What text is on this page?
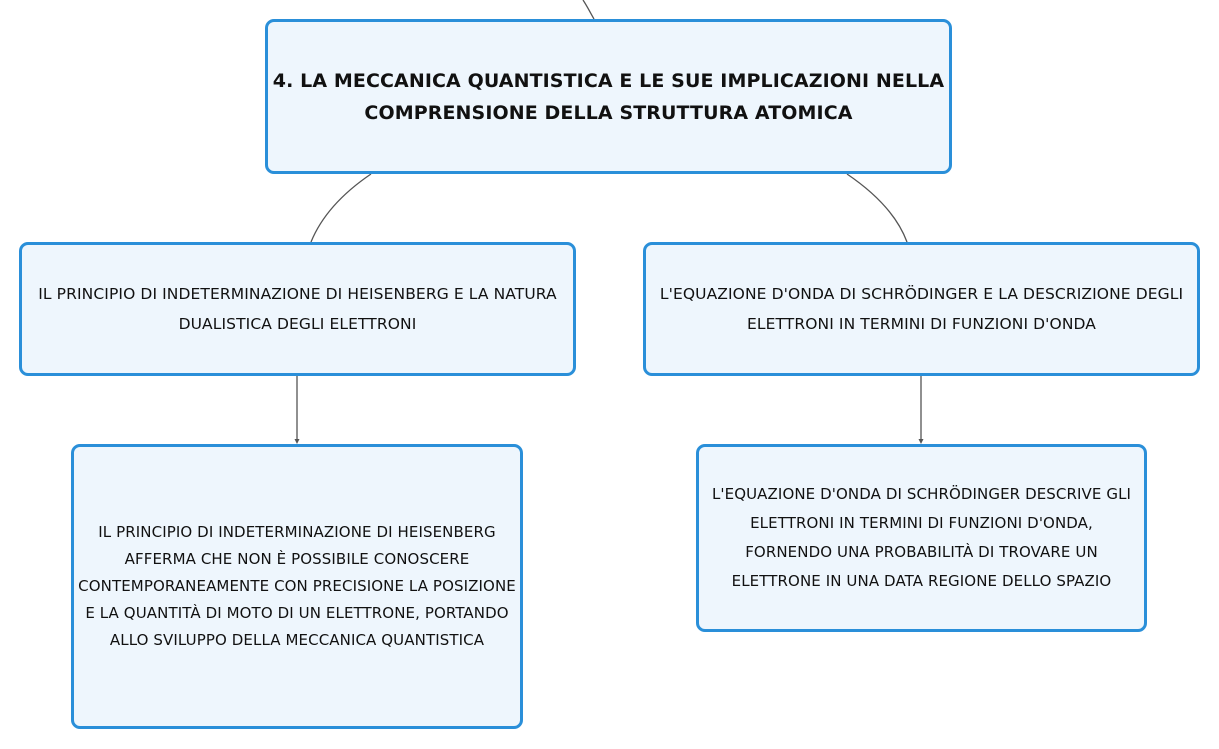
4. LA MECCANICA QUANTISTICA E LE SUE IMPLICAZIONI NELLA COMPRENSIONE DELLA STRUTTURA ATOMICA
IL PRINCIPIO DI INDETERMINAZIONE DI HEISENBERG E LA NATURA DUALISTICA DEGLI ELETTRONI
L'EQUAZIONE D'ONDA DI SCHRÖDINGER E LA DESCRIZIONE DEGLI ELETTRONI IN TERMINI DI FUNZIONI D'ONDA
IL PRINCIPIO DI INDETERMINAZIONE DI HEISENBERG AFFERMA CHE NON È POSSIBILE CONOSCERE CONTEMPORANEAMENTE CON PRECISIONE LA POSIZIONE E LA QUANTITÀ DI MOTO DI UN ELETTRONE, PORTANDO ALLO SVILUPPO DELLA MECCANICA QUANTISTICA
L'EQUAZIONE D'ONDA DI SCHRÖDINGER DESCRIVE GLI ELETTRONI IN TERMINI DI FUNZIONI D'ONDA, FORNENDO UNA PROBABILITÀ DI TROVARE UN ELETTRONE IN UNA DATA REGIONE DELLO SPAZIO
